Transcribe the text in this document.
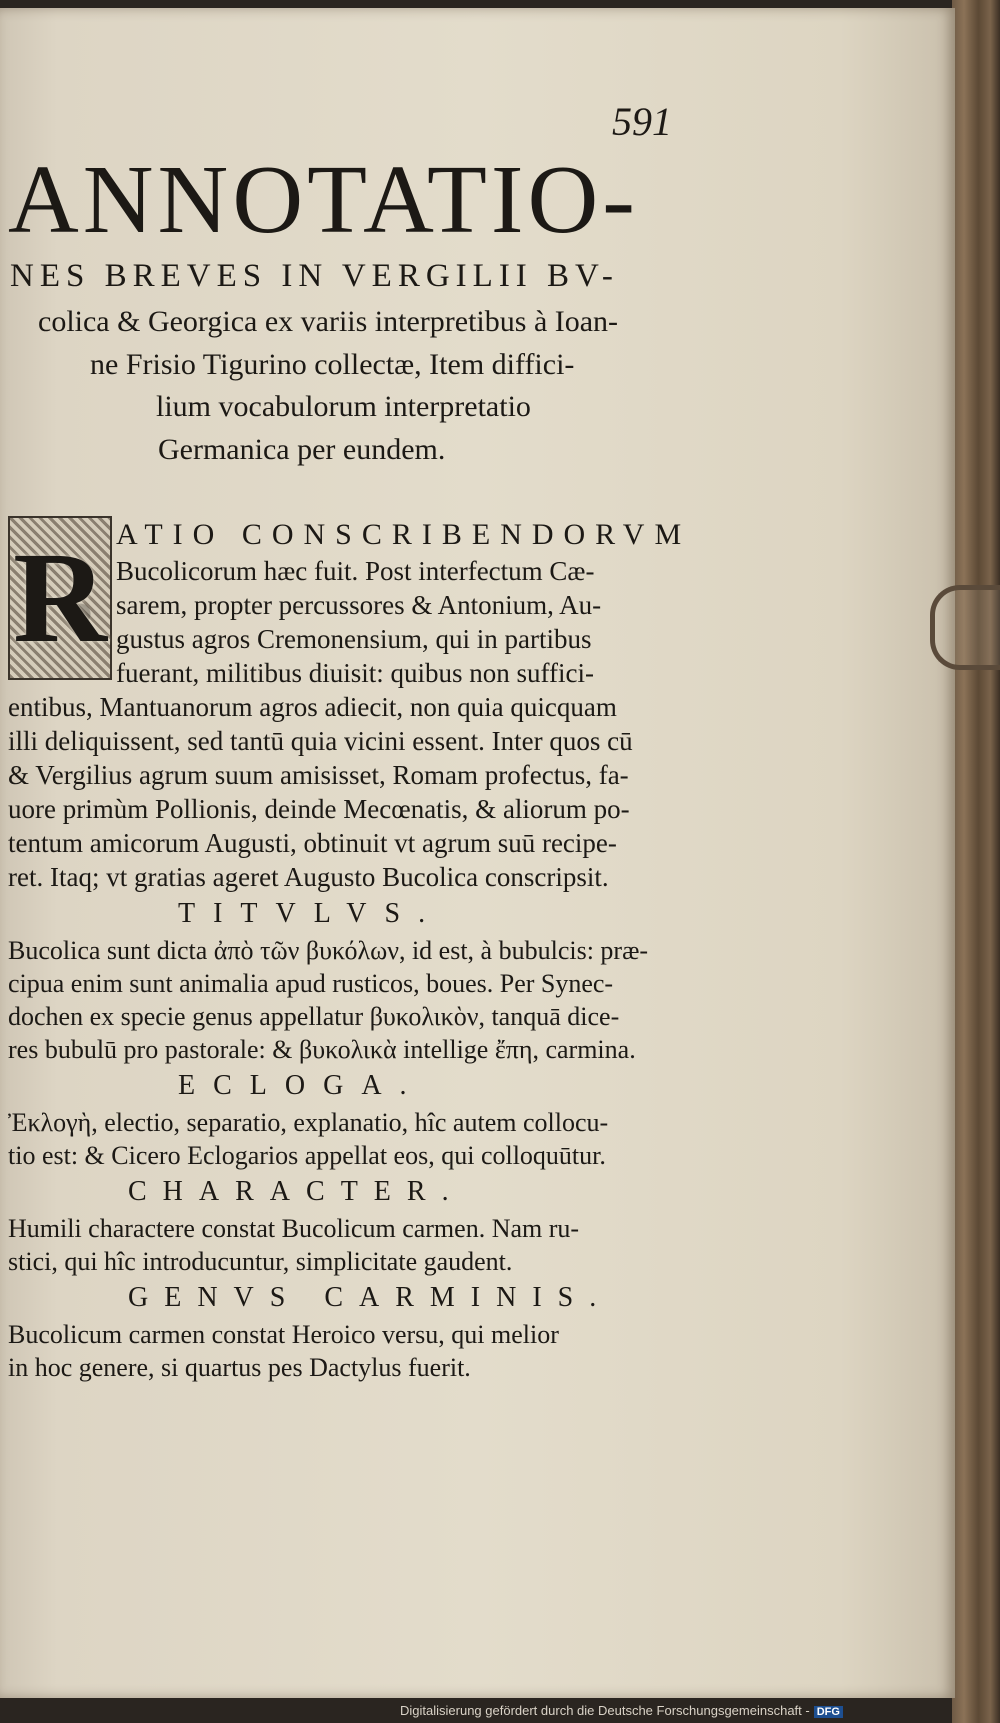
591

ANNOTATIO-

NES BREVES IN VERGILII BV-

colica & Georgica ex variis interpretibus à Ioan-

ne Frisio Tigurino collectæ, Item diffici-

lium vocabulorum interpretatio

Germanica per eundem.

R ATIO CONSCRIBENDORVM

Bucolicorum hæc fuit. Post interfectum Cæ-

sarem, propter percussores & Antonium, Au-

gustus agros Cremonensium, qui in partibus

fuerant, militibus diuisit: quibus non suffici-

entibus, Mantuanorum agros adiecit, non quia quicquam

illi deliquissent, sed tantū quia vicini essent. Inter quos cū

& Vergilius agrum suum amisisset, Romam profectus, fa-

uore primùm Pollionis, deinde Mecœnatis, & aliorum po-

tentum amicorum Augusti, obtinuit vt agrum suū recipe-

ret. Itaq; vt gratias ageret Augusto Bucolica conscripsit.

TITVLVS.

Bucolica sunt dicta ἀπὸ τῶν βυκόλων, id est, à bubulcis: præ-

cipua enim sunt animalia apud rusticos, boues. Per Synec-

dochen ex specie genus appellatur βυκολικὸν, tanquā dice-

res bubulū pro pastorale: & βυκολικὰ intellige ἔπη, carmina.

ECLOGA.

Ἐκλογὴ, electio, separatio, explanatio, hîc autem collocu-

tio est: & Cicero Eclogarios appellat eos, qui colloquūtur.

CHARACTER.

Humili charactere constat Bucolicum carmen. Nam ru-

stici, qui hîc introducuntur, simplicitate gaudent.

GENVS CARMINIS.

Bucolicum carmen constat Heroico versu, qui melior

in hoc genere, si quartus pes Dactylus fuerit.

Digitalisierung gefördert durch die Deutsche Forschungsgemeinschaft - DFG
